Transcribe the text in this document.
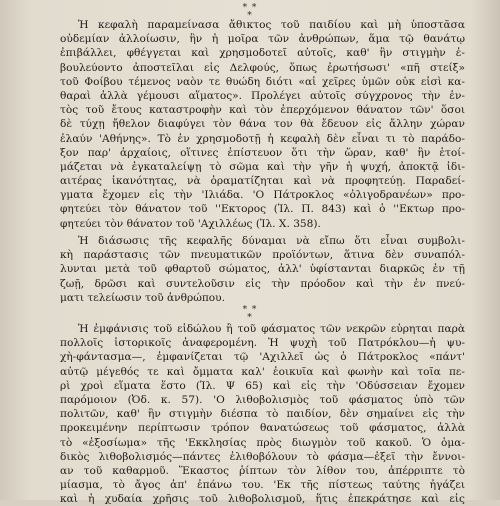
* *
*
Ἡ κεφαλὴ παραμείνασα ἄθικτος τοῦ παιδίου καὶ μὴ ὑποστᾶσα
οὐδεμίαν ἀλλοίωσιν, ἣν ἡ μοῖρα τῶν ἀνθρώπων, ἅμα τῷ θανάτῳ
ἐπιβάλλει, φθέγγεται καὶ χρησμοδοτεῖ αὐτοῖς, καθ' ἣν στιγμὴν ἐ-
βουλεύοντο ἀποστεῖλαι εἰς Δελφούς, ὅπως ἐρωτήσωσι' «πῆ στείξ»
τοῦ Φοίβου τέμενος ναὸν τε θυώδη διότι «αἱ χεῖρες ὑμῶν οὐκ εἰσὶ κα-
θαραὶ ἀλλὰ γέμουσι αἵματος». Προλέγει αὐτοῖς σύγχρονος τὴν ἐν-
τὸς τοῦ ἔτους καταστροφὴν καὶ τὸν ἐπερχόμενον θάνατον τῶν' ὅσοι
δὲ τύχῃ ἤθελον διαφύγει τὸν θάνα τον θὰ ἔδευον εἰς ἄλλην χώραν
ἐλαύν 'Αθήνης». Τὸ ἐν χρησμοδοτῇ ἡ κεφαλὴ δὲν εἶναι τι τὸ παράδο-
ξον παρ' ἀρχαίοις, οἵτινες ἐπίστευον ὅτι τὴν ὥραν, καθ' ἣν ἑτοί-
μάζεται νὰ ἐγκαταλείψῃ τὸ σῶμα καὶ τὴν γῆν ἡ ψυχή, ἀποκτᾷ ἰδι-
αιτέρας ἱκανότητας, νὰ ὁραματίζηται καὶ νὰ προφητεύῃ. Παραδεί-
γματα ἔχομεν εἰς τὴν 'Ιλιάδα. 'Ο Πάτροκλος «ὀλιγοδρανέων» προ-
φητεύει τὸν θάνατον τοῦ ''Εκτορος (Ἰλ. Π. 843) καὶ ὁ ''Εκτωρ προ-
φητεύει τὸν θάνατον τοῦ 'Αχιλλέως (Ἰλ. Χ. 358).
Ἡ διάσωσις τῆς κεφαλῆς δύναμαι νὰ εἴπω ὅτι εἶναι συμβολι-
κὴ παράστασις τῶν πνευματικῶν προϊόντων, ἅτινα δὲν συναπόλ-
λυνται μετὰ τοῦ φθαρτοῦ σώματος, ἀλλ' ὑφίστανται διαρκῶς ἐν τῇ
ζωῇ, δρῶσι καὶ συντελοῦσιν εἰς τὴν πρόοδον καὶ τὴν ἐν πνεύ-
ματι τελείωσιν τοῦ ἀνθρώπου.
* *
*
Ἡ ἐμφάνισις τοῦ εἰδώλου ἢ τοῦ φάσματος τῶν νεκρῶν εὑρηται παρὰ
πολλοῖς ἱστορικοῖς ἀναφερομένη. Ἡ ψυχὴ τοῦ Πατρόκλου—ἡ ψυ-
χὴ-φάντασμα—, ἐμφανίζεται τῷ 'Αχιλλεῖ ὡς ὁ Πάτροκλος «πάντ'
αὐτῷ μέγεθός τε καὶ ὄμματα καλ' ἐοικυῖα καὶ φωνὴν καὶ τοῖα πε-
ρὶ χροὶ εἵματα ἕστο (Ἰλ. Ψ 65) καὶ εἰς τὴν 'Οδύσσειαν ἔχομεν
παρόμοιον (Ὀδ. κ. 57). 'Ο λιθοβολισμὸς τοῦ φάσματος ὑπὸ τῶν
πολιτῶν, καθ' ἣν στιγμὴν διέσπα τὸ παιδίον, δὲν σημαίνει εἰς τὴν
προκειμένην περίπτωσιν τρόπον θανατώσεως τοῦ φάσματος, ἀλλὰ
τὸ «ἐξοσίωμα» τῆς 'Εκκλησίας πρὸς διωγμὸν τοῦ κακοῦ. Ὁ ὁμα-
δικὸς λιθοβολισμός—πάντες ἐλιθοβόλουν τὸ φάσμα—ἐξεῖ τὴν ἔννοι-
αν τοῦ καθαρμοῦ. Ἕκαστος ῥίπτων τὸν λίθον του, ἀπέρριπτε τὸ
μίασμα, τὸ ἄγος ἀπ' ἐπάνω του. 'Εκ τῆς πίστεως ταύτης ἠγάζει
καὶ ἡ χυδαία χρῆσις τοῦ λιθοβολισμοῦ, ἥτις ἐπεκράτησε καὶ εἰς
